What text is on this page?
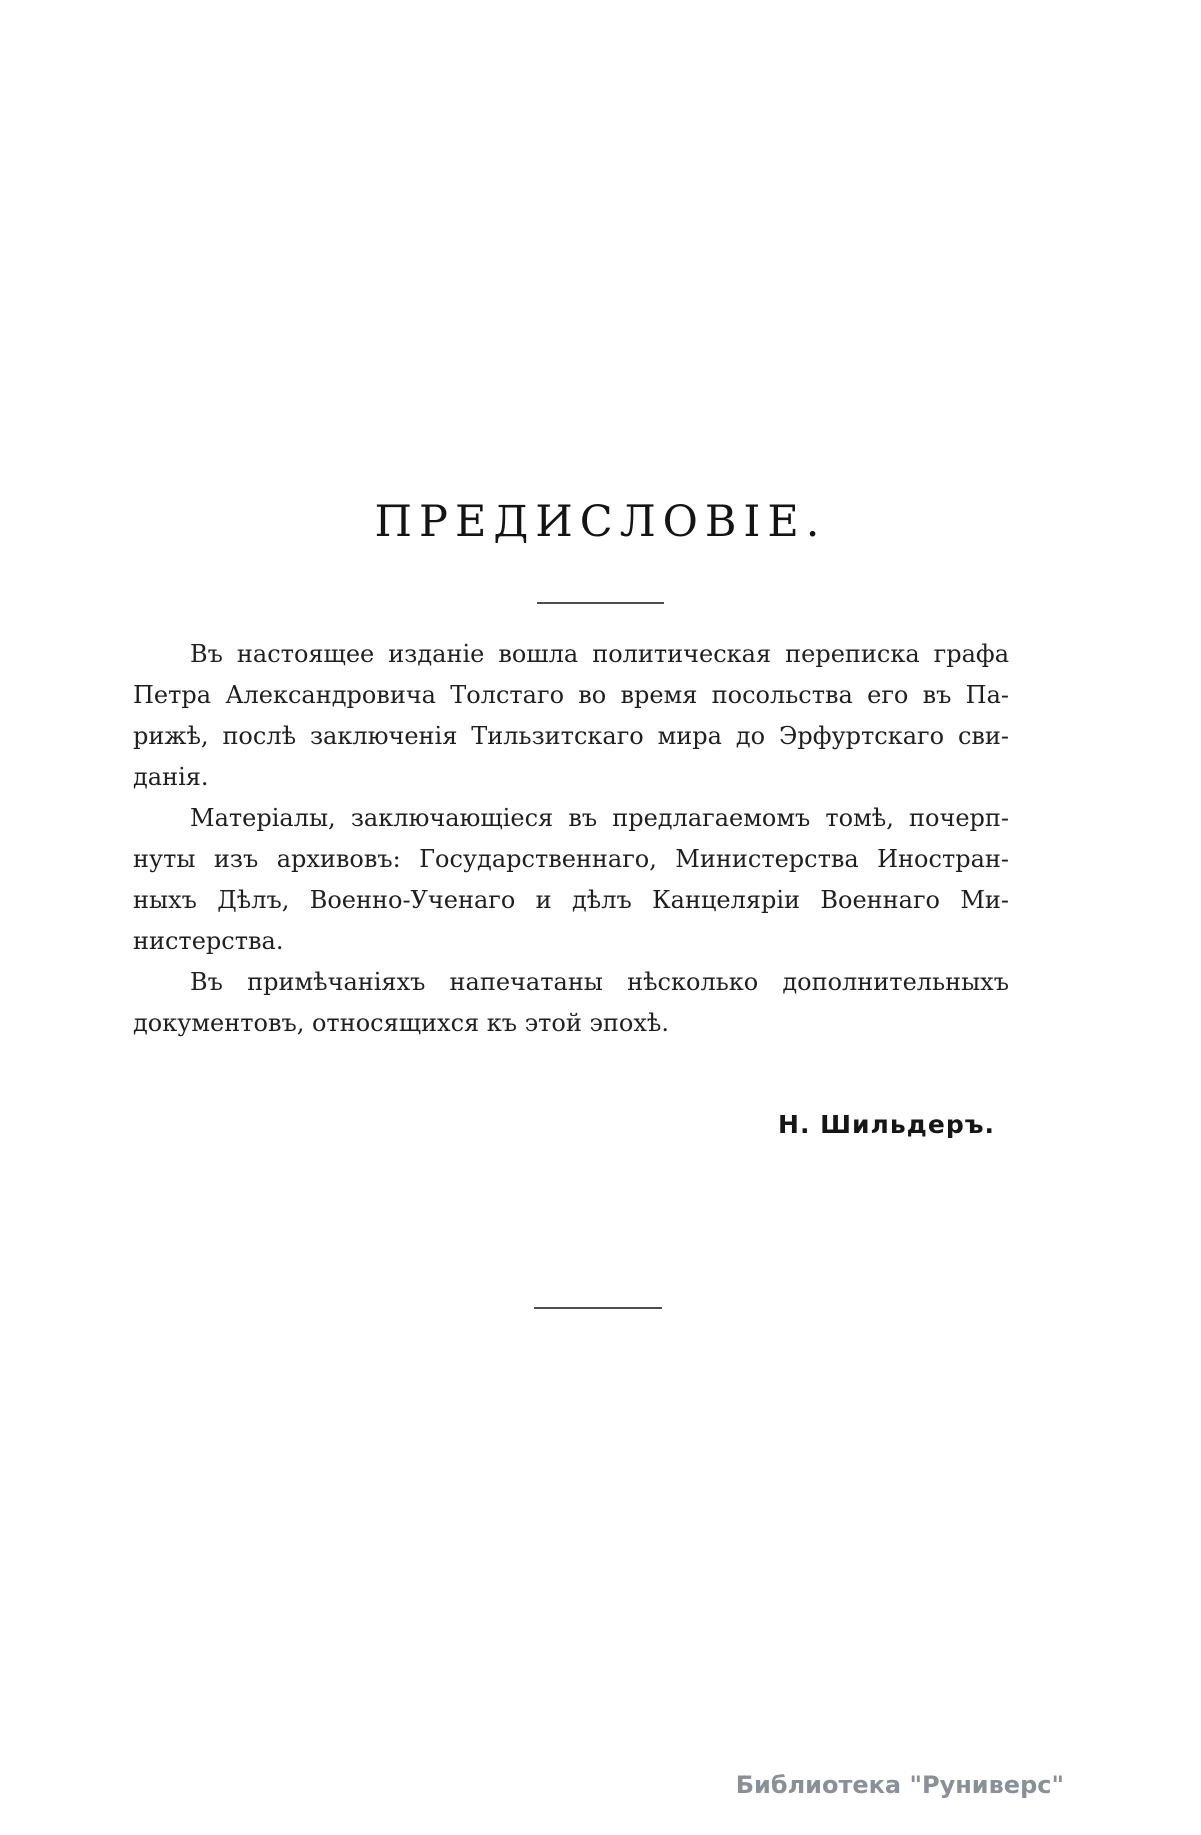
ПРЕДИСЛОВІЕ.
Въ настоящее изданіе вошла политическая переписка графа
Петра Александровича Толстаго во время посольства его въ Па-
рижѣ, послѣ заключенія Тильзитскаго мира до Эрфуртскаго сви-
данія.
Матеріалы, заключающіеся въ предлагаемомъ томѣ, почерп-
нуты изъ архивовъ: Государственнаго, Министерства Иностран-
ныхъ Дѣлъ, Военно-Ученаго и дѣлъ Канцеляріи Военнаго Ми-
нистерства.
Въ примѣчаніяхъ напечатаны нѣсколько дополнительныхъ
документовъ, относящихся къ этой эпохѣ.
Н. Шильдеръ.
Библиотека "Руниверс"
